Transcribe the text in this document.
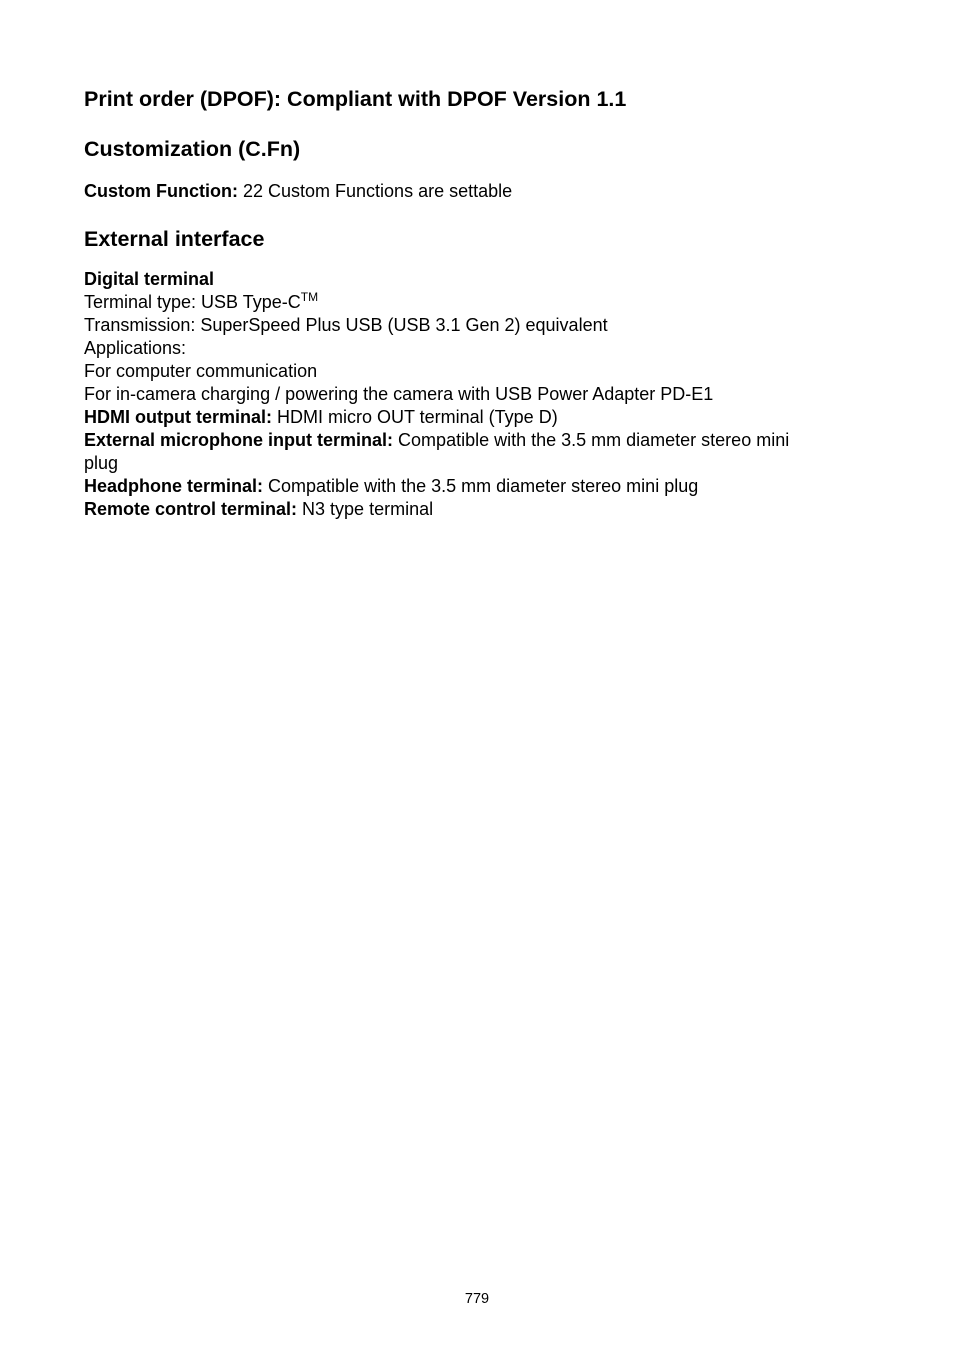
Print order (DPOF): Compliant with DPOF Version 1.1
Customization (C.Fn)

Custom Function: 22 Custom Functions are settable

External interface
Digital terminal
Terminal type: USB Type-C™
Transmission: SuperSpeed Plus USB (USB 3.1 Gen 2) equivalent
Applications:
For computer communication
For in-camera charging / powering the camera with USB Power Adapter PD-E1
HDMI output terminal: HDMI micro OUT terminal (Type D)
External microphone input terminal: Compatible with the 3.5 mm diameter stereo mini
plug
Headphone terminal: Compatible with the 3.5 mm diameter stereo mini plug
Remote control terminal: N3 type terminal
779
